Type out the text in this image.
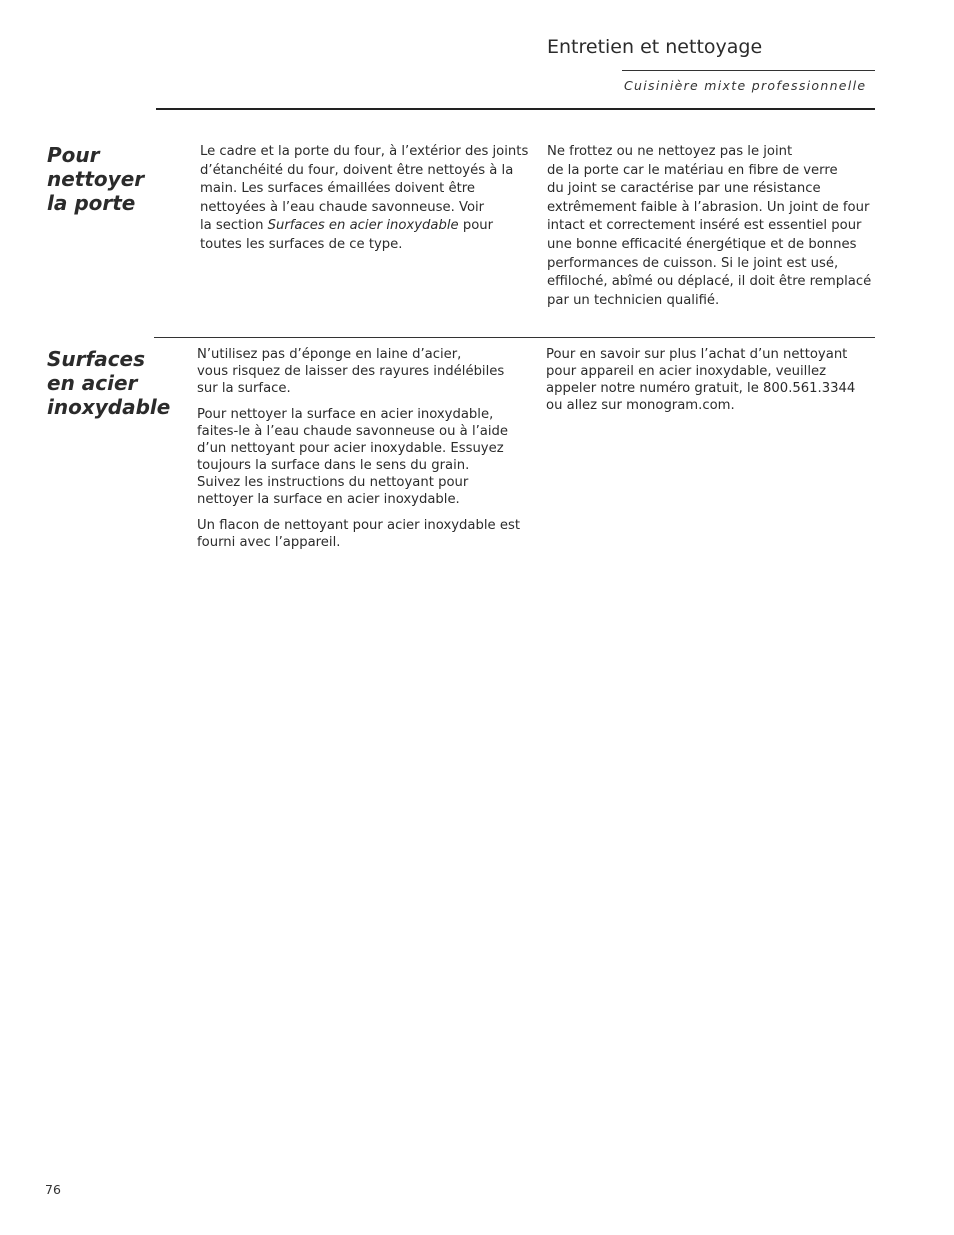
Entretien et nettoyage
Cuisinière mixte professionnelle
Pour
nettoyer
la porte
Le cadre et la porte du four, à l’extérior des joints
d’étanchéité du four, doivent être nettoyés à la
main. Les surfaces émaillées doivent être
nettoyées à l’eau chaude savonneuse. Voir
la section Surfaces en acier inoxydable pour
toutes les surfaces de ce type.
Ne frottez ou ne nettoyez pas le joint
de la porte car le matériau en fibre de verre
du joint se caractérise par une résistance
extrêmement faible à l’abrasion. Un joint de four
intact et correctement inséré est essentiel pour
une bonne efficacité énergétique et de bonnes
performances de cuisson. Si le joint est usé,
effiloché, abîmé ou déplacé, il doit être remplacé
par un technicien qualifié.
Surfaces
en acier
inoxydable
N’utilisez pas d’éponge en laine d’acier,
vous risquez de laisser des rayures indélébiles
sur la surface.
Pour nettoyer la surface en acier inoxydable,
faites-le à l’eau chaude savonneuse ou à l’aide
d’un nettoyant pour acier inoxydable. Essuyez
toujours la surface dans le sens du grain.
Suivez les instructions du nettoyant pour
nettoyer la surface en acier inoxydable.
Un flacon de nettoyant pour acier inoxydable est
fourni avec l’appareil.
Pour en savoir sur plus l’achat d’un nettoyant
pour appareil en acier inoxydable, veuillez
appeler notre numéro gratuit, le 800.561.3344
ou allez sur monogram.com.
76
